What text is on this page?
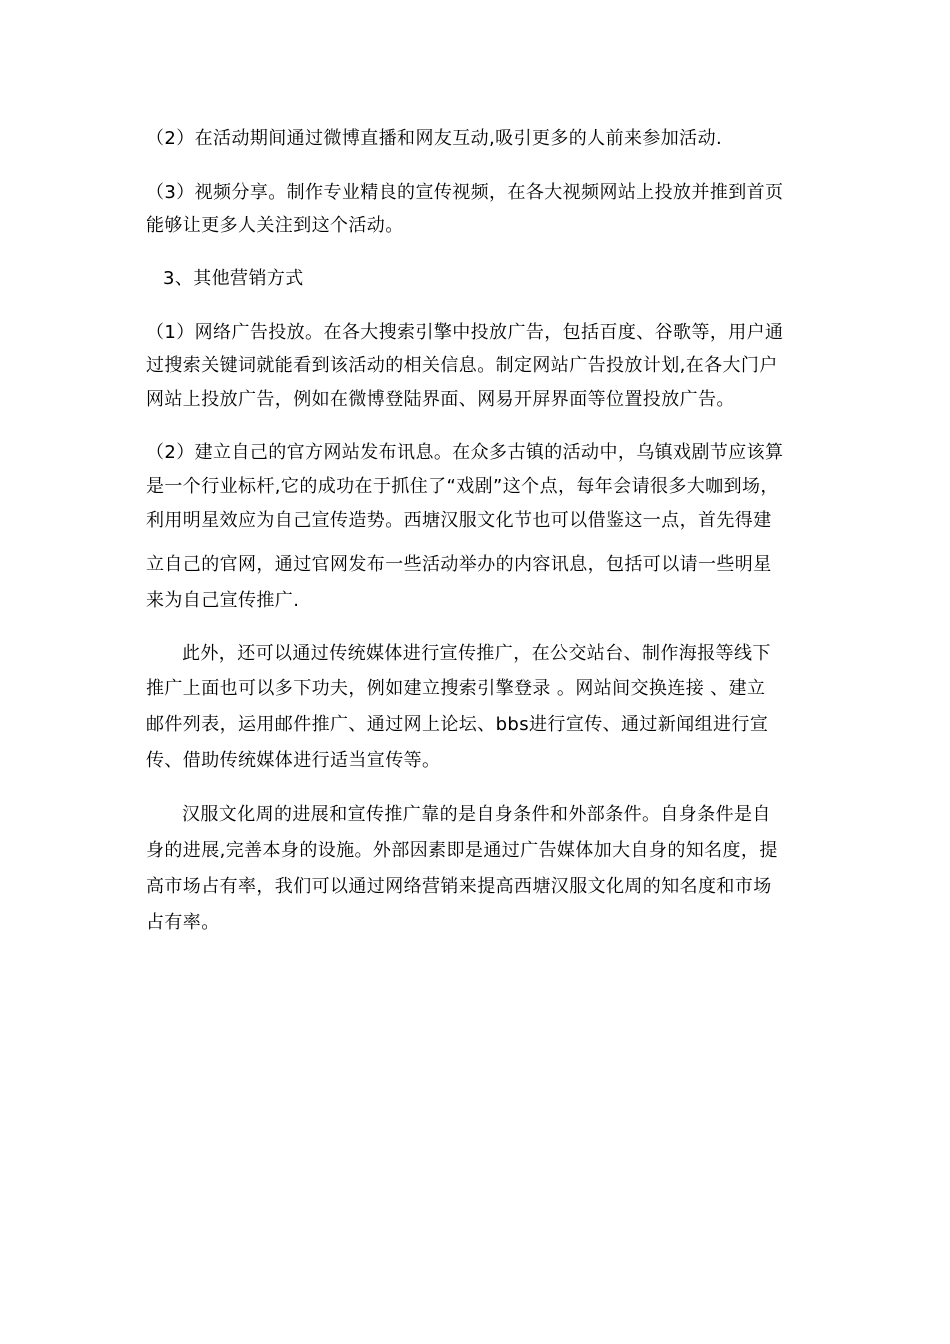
（2）在活动期间通过微博直播和网友互动,吸引更多的人前来参加活动.
（3）视频分享。制作专业精良的宣传视频，在各大视频网站上投放并推到首页
能够让更多人关注到这个活动。
3、其他营销方式
（1）网络广告投放。在各大搜索引擎中投放广告，包括百度、谷歌等，用户通
过搜索关键词就能看到该活动的相关信息。制定网站广告投放计划,在各大门户
网站上投放广告，例如在微博登陆界面、网易开屏界面等位置投放广告。
（2）建立自己的官方网站发布讯息。在众多古镇的活动中，乌镇戏剧节应该算
是一个行业标杆,它的成功在于抓住了“戏剧”这个点，每年会请很多大咖到场，
利用明星效应为自己宣传造势。西塘汉服文化节也可以借鉴这一点，首先得建
立自己的官网，通过官网发布一些活动举办的内容讯息，包括可以请一些明星
来为自己宣传推广.
此外，还可以通过传统媒体进行宣传推广，在公交站台、制作海报等线下
推广上面也可以多下功夫，例如建立搜索引擎登录 。网站间交换连接 、建立
邮件列表，运用邮件推广、通过网上论坛、bbs进行宣传、通过新闻组进行宣
传、借助传统媒体进行适当宣传等。
汉服文化周的进展和宣传推广靠的是自身条件和外部条件。自身条件是自
身的进展,完善本身的设施。外部因素即是通过广告媒体加大自身的知名度，提
高市场占有率，我们可以通过网络营销来提高西塘汉服文化周的知名度和市场
占有率。
